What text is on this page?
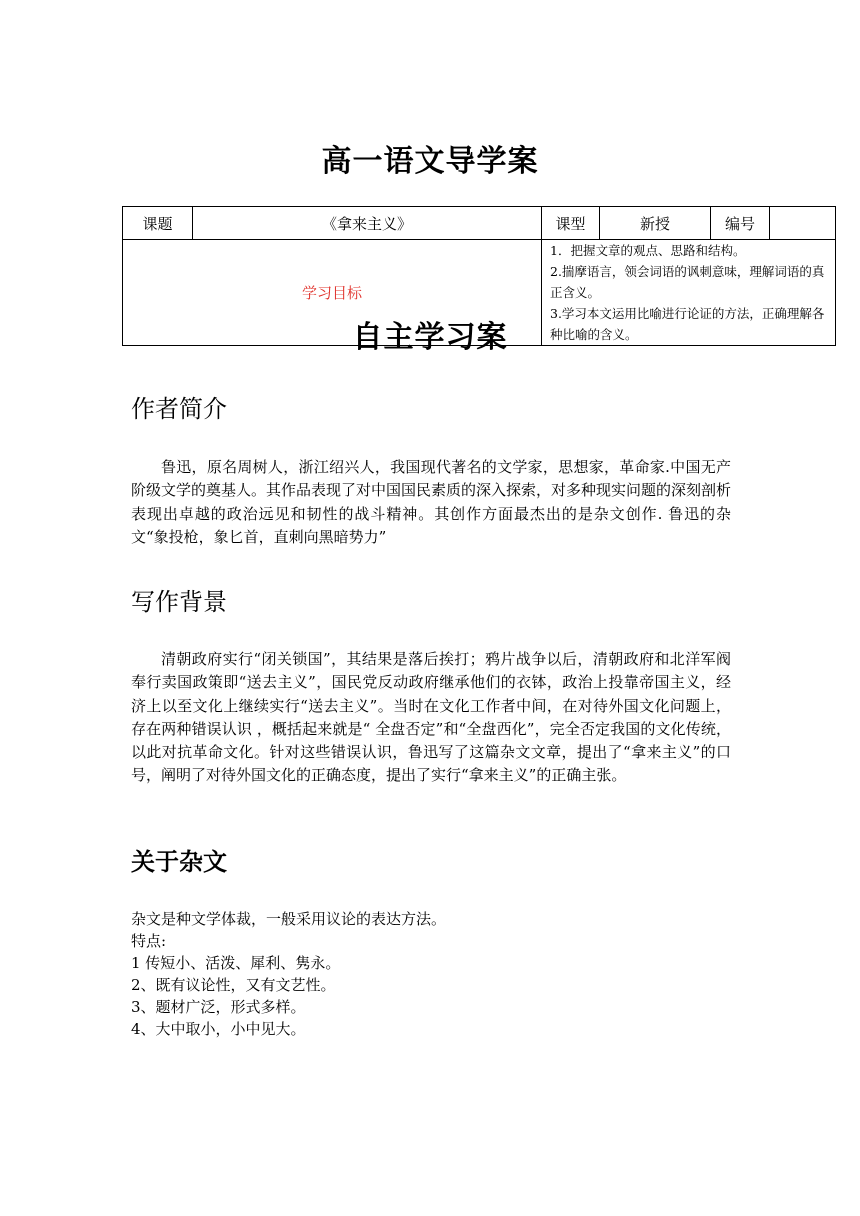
高一语文导学案
课题	《拿来主义》	课型	新授	编号	
学习目标		1．把握文章的观点、思路和结构。
2.揣摩语言，领会词语的讽刺意味，理解词语的真正含义。
3.学习本文运用比喻进行论证的方法，正确理解各种比喻的含义。			
自主学习案
作者简介
鲁迅，原名周树人，浙江绍兴人，我国现代著名的文学家，思想家，革命家.中国无产阶级文学的奠基人。其作品表现了对中国国民素质的深入探索，对多种现实问题的深刻剖析表现出卓越的政治远见和韧性的战斗精神。其创作方面最杰出的是杂文创作. 鲁迅的杂文“象投枪，象匕首，直刺向黑暗势力”
写作背景
清朝政府实行“闭关锁国”，其结果是落后挨打；鸦片战争以后，清朝政府和北洋军阀奉行卖国政策即“送去主义”，国民党反动政府继承他们的衣钵，政治上投靠帝国主义，经济上以至文化上继续实行“送去主义”。当时在文化工作者中间，在对待外国文化问题上，存在两种错误认识 ，概括起来就是“ 全盘否定”和“全盘西化”，完全否定我国的文化传统，以此对抗革命文化。针对这些错误认识，鲁迅写了这篇杂文文章，提出了“拿来主义”的口号，阐明了对待外国文化的正确态度，提出了实行“拿来主义”的正确主张。
关于杂文
杂文是种文学体裁，一般采用议论的表达方法。
特点:
1 传短小、活泼、犀利、隽永。
2、既有议论性，又有文艺性。
3、题材广泛，形式多样。
4、大中取小，小中见大。
